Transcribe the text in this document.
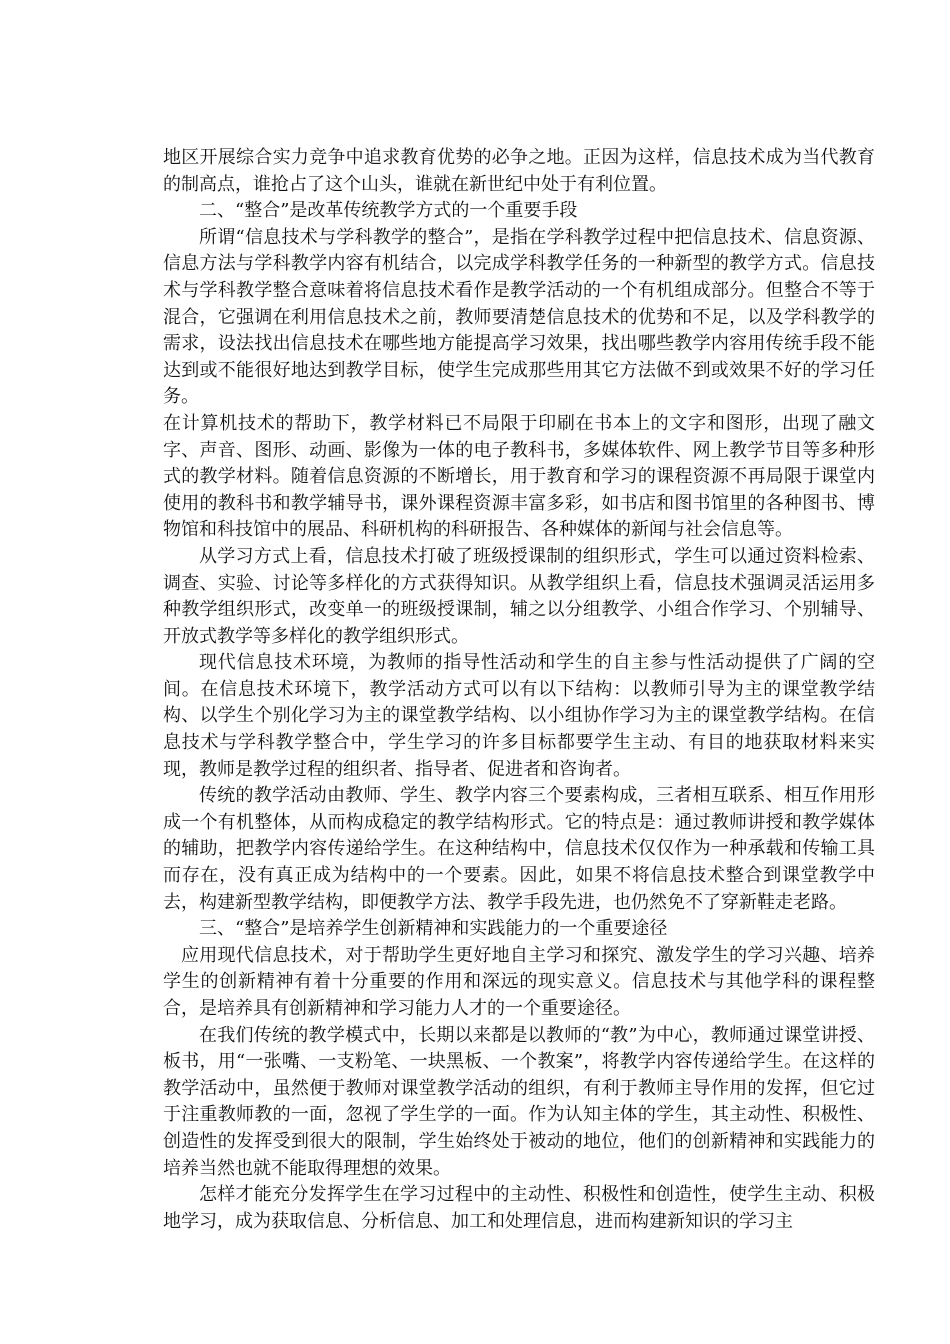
地区开展综合实力竞争中追求教育优势的必争之地。正因为这样，信息技术成为当代教育的制高点，谁抢占了这个山头，谁就在新世纪中处于有利位置。

二、“整合”是改革传统教学方式的一个重要手段

所谓“信息技术与学科教学的整合”，是指在学科教学过程中把信息技术、信息资源、信息方法与学科教学内容有机结合，以完成学科教学任务的一种新型的教学方式。信息技术与学科教学整合意味着将信息技术看作是教学活动的一个有机组成部分。但整合不等于混合，它强调在利用信息技术之前，教师要清楚信息技术的优势和不足，以及学科教学的需求，设法找出信息技术在哪些地方能提高学习效果，找出哪些教学内容用传统手段不能达到或不能很好地达到教学目标，使学生完成那些用其它方法做不到或效果不好的学习任务。

在计算机技术的帮助下，教学材料已不局限于印刷在书本上的文字和图形，出现了融文字、声音、图形、动画、影像为一体的电子教科书，多媒体软件、网上教学节目等多种形式的教学材料。随着信息资源的不断增长，用于教育和学习的课程资源不再局限于课堂内使用的教科书和教学辅导书，课外课程资源丰富多彩，如书店和图书馆里的各种图书、博物馆和科技馆中的展品、科研机构的科研报告、各种媒体的新闻与社会信息等。

从学习方式上看，信息技术打破了班级授课制的组织形式，学生可以通过资料检索、调查、实验、讨论等多样化的方式获得知识。从教学组织上看，信息技术强调灵活运用多种教学组织形式，改变单一的班级授课制，辅之以分组教学、小组合作学习、个别辅导、开放式教学等多样化的教学组织形式。

现代信息技术环境，为教师的指导性活动和学生的自主参与性活动提供了广阔的空间。在信息技术环境下，教学活动方式可以有以下结构：以教师引导为主的课堂教学结构、以学生个别化学习为主的课堂教学结构、以小组协作学习为主的课堂教学结构。在信息技术与学科教学整合中，学生学习的许多目标都要学生主动、有目的地获取材料来实现，教师是教学过程的组织者、指导者、促进者和咨询者。

传统的教学活动由教师、学生、教学内容三个要素构成，三者相互联系、相互作用形成一个有机整体，从而构成稳定的教学结构形式。它的特点是：通过教师讲授和教学媒体的辅助，把教学内容传递给学生。在这种结构中，信息技术仅仅作为一种承载和传输工具而存在，没有真正成为结构中的一个要素。因此，如果不将信息技术整合到课堂教学中去，构建新型教学结构，即便教学方法、教学手段先进，也仍然免不了穿新鞋走老路。

三、“整合”是培养学生创新精神和实践能力的一个重要途径

应用现代信息技术，对于帮助学生更好地自主学习和探究、激发学生的学习兴趣、培养学生的创新精神有着十分重要的作用和深远的现实意义。信息技术与其他学科的课程整合，是培养具有创新精神和学习能力人才的一个重要途径。

在我们传统的教学模式中，长期以来都是以教师的“教”为中心，教师通过课堂讲授、板书，用“一张嘴、一支粉笔、一块黑板、一个教案”，将教学内容传递给学生。在这样的教学活动中，虽然便于教师对课堂教学活动的组织，有利于教师主导作用的发挥，但它过于注重教师教的一面，忽视了学生学的一面。作为认知主体的学生，其主动性、积极性、创造性的发挥受到很大的限制，学生始终处于被动的地位，他们的创新精神和实践能力的培养当然也就不能取得理想的效果。

怎样才能充分发挥学生在学习过程中的主动性、积极性和创造性，使学生主动、积极地学习，成为获取信息、分析信息、加工和处理信息，进而构建新知识的学习主
